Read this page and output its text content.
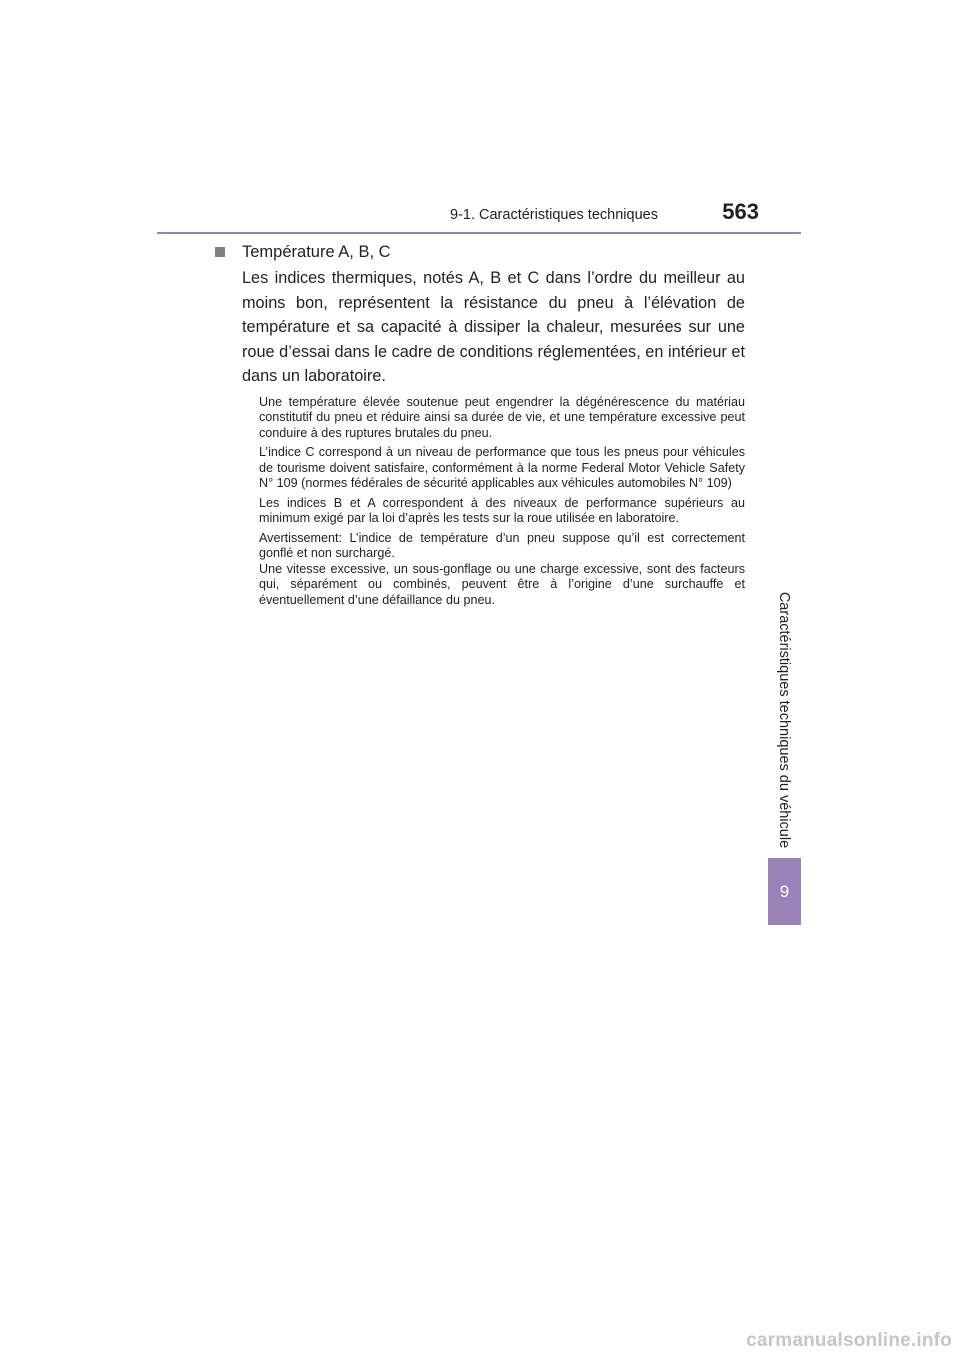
9-1. Caractéristiques techniques	563
Caractéristiques techniques du véhicule
9
Température A, B, C

Les indices thermiques, notés A, B et C dans l’ordre du meilleur au moins bon, représentent la résistance du pneu à l’élévation de température et sa capacité à dissiper la chaleur, mesurées sur une roue d’essai dans le cadre de conditions réglementées, en intérieur et dans un laboratoire.

Une température élevée soutenue peut engendrer la dégénérescence du matériau constitutif du pneu et réduire ainsi sa durée de vie, et une température excessive peut conduire à des ruptures brutales du pneu.

L’indice C correspond à un niveau de performance que tous les pneus pour véhicules de tourisme doivent satisfaire, conformément à la norme Federal Motor Vehicle Safety N° 109 (normes fédérales de sécurité applicables aux véhicules automobiles N° 109)

Les indices B et A correspondent à des niveaux de performance supérieurs au minimum exigé par la loi d’après les tests sur la roue utilisée en laboratoire.

Avertissement: L’indice de température d’un pneu suppose qu’il est correctement gonflé et non surchargé.

Une vitesse excessive, un sous-gonflage ou une charge excessive, sont des facteurs qui, séparément ou combinés, peuvent être à l’origine d’une surchauffe et éventuellement d’une défaillance du pneu.

carmanualsonline.info
